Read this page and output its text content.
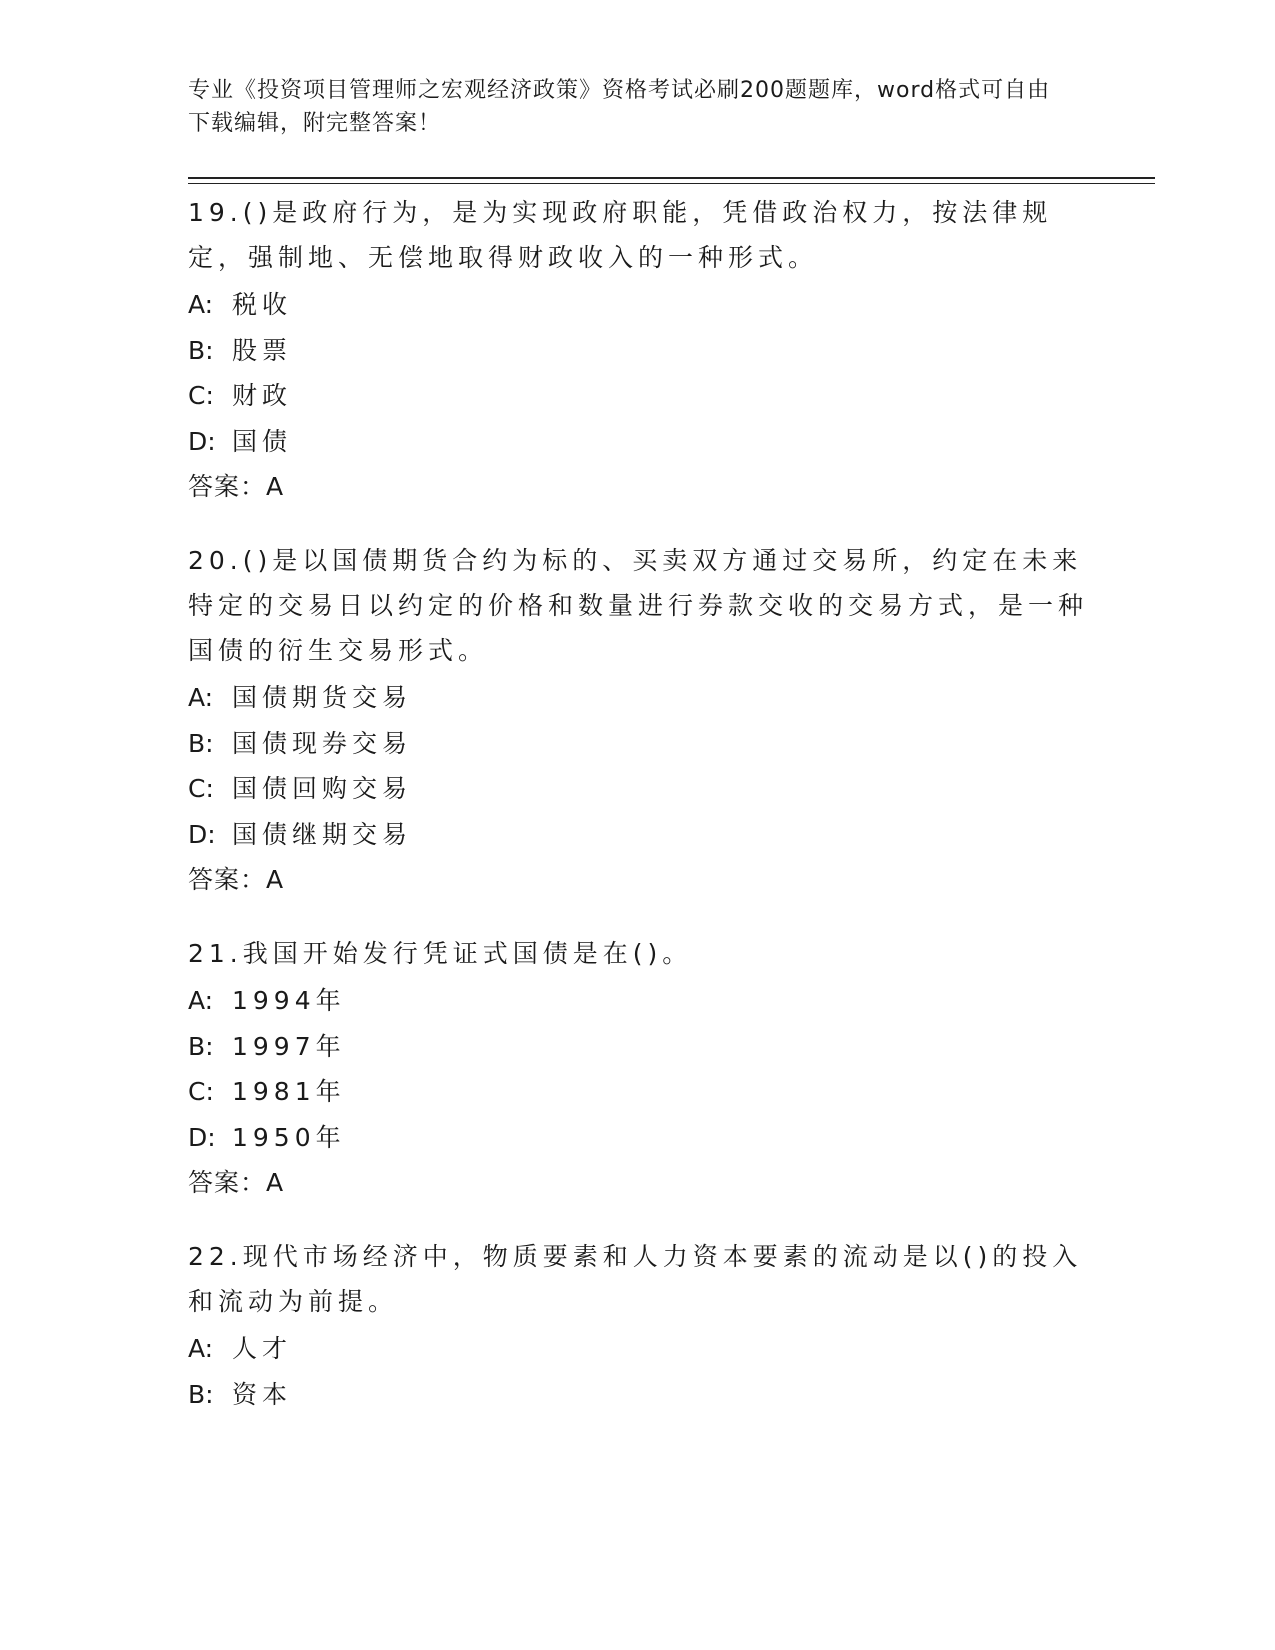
专业《投资项目管理师之宏观经济政策》资格考试必刷200题题库，word格式可自由下载编辑，附完整答案！
19.()是政府行为，是为实现政府职能，凭借政治权力，按法律规定，强制地、无偿地取得财政收入的一种形式。
A: 税收
B: 股票
C: 财政
D: 国债
答案：A
20.()是以国债期货合约为标的、买卖双方通过交易所，约定在未来特定的交易日以约定的价格和数量进行券款交收的交易方式，是一种国债的衍生交易形式。
A: 国债期货交易
B: 国债现券交易
C: 国债回购交易
D: 国债继期交易
答案：A
21.我国开始发行凭证式国债是在()。
A: 1994年
B: 1997年
C: 1981年
D: 1950年
答案：A
22.现代市场经济中，物质要素和人力资本要素的流动是以()的投入和流动为前提。
A: 人才
B: 资本
